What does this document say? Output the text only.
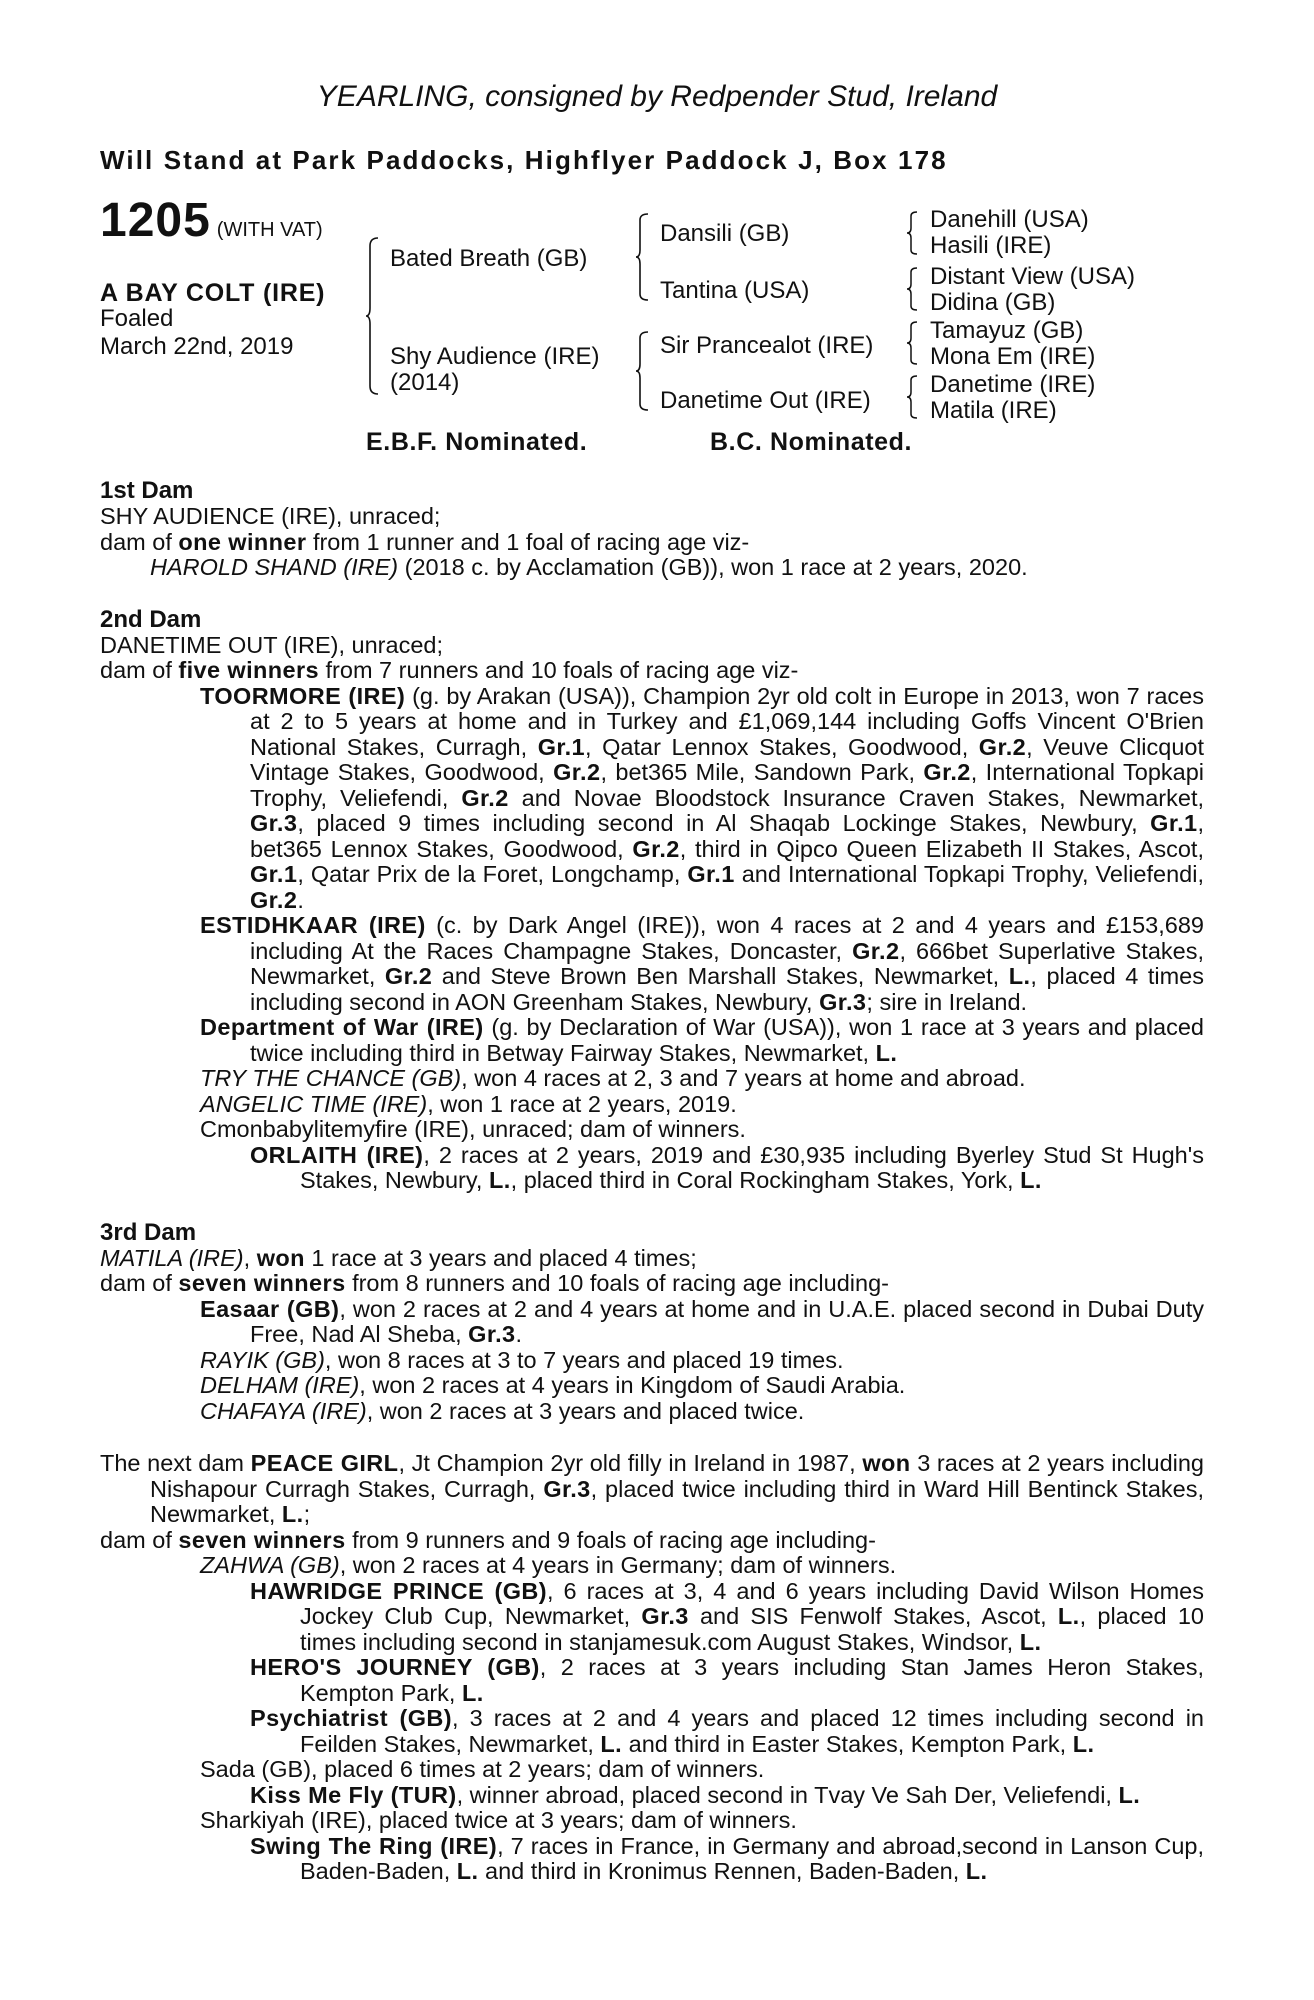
YEARLING, consigned by Redpender Stud, Ireland
Will Stand at Park Paddocks, Highflyer Paddock J, Box 178
1205 (WITH VAT)
A BAY COLT (IRE)
Foaled
March 22nd, 2019
Bated Breath (GB)
Shy Audience (IRE)
(2014)
Dansili (GB)
Tantina (USA)
Sir Prancealot (IRE)
Danetime Out (IRE)
Danehill (USA)
Hasili (IRE)
Distant View (USA)
Didina (GB)
Tamayuz (GB)
Mona Em (IRE)
Danetime (IRE)
Matila (IRE)
E.B.F. Nominated.	B.C. Nominated.
1st Dam

SHY AUDIENCE (IRE), unraced;

dam of one winner from 1 runner and 1 foal of racing age viz-

HAROLD SHAND (IRE) (2018 c. by Acclamation (GB)), won 1 race at 2 years, 2020.

2nd Dam

DANETIME OUT (IRE), unraced;

dam of five winners from 7 runners and 10 foals of racing age viz-

TOORMORE (IRE) (g. by Arakan (USA)), Champion 2yr old colt in Europe in 2013, won 7 races at 2 to 5 years at home and in Turkey and £1,069,144 including Goffs Vincent O'Brien National Stakes, Curragh, Gr.1, Qatar Lennox Stakes, Goodwood, Gr.2, Veuve Clicquot Vintage Stakes, Goodwood, Gr.2, bet365 Mile, Sandown Park, Gr.2, International Topkapi Trophy, Veliefendi, Gr.2 and Novae Bloodstock Insurance Craven Stakes, Newmarket, Gr.3, placed 9 times including second in Al Shaqab Lockinge Stakes, Newbury, Gr.1, bet365 Lennox Stakes, Goodwood, Gr.2, third in Qipco Queen Elizabeth II Stakes, Ascot, Gr.1, Qatar Prix de la Foret, Longchamp, Gr.1 and International Topkapi Trophy, Veliefendi, Gr.2.

ESTIDHKAAR (IRE) (c. by Dark Angel (IRE)), won 4 races at 2 and 4 years and £153,689 including At the Races Champagne Stakes, Doncaster, Gr.2, 666bet Superlative Stakes, Newmarket, Gr.2 and Steve Brown Ben Marshall Stakes, Newmarket, L., placed 4 times including second in AON Greenham Stakes, Newbury, Gr.3; sire in Ireland.

Department of War (IRE) (g. by Declaration of War (USA)), won 1 race at 3 years and placed twice including third in Betway Fairway Stakes, Newmarket, L.

TRY THE CHANCE (GB), won 4 races at 2, 3 and 7 years at home and abroad.

ANGELIC TIME (IRE), won 1 race at 2 years, 2019.

Cmonbabylitemyfire (IRE), unraced; dam of winners.

ORLAITH (IRE), 2 races at 2 years, 2019 and £30,935 including Byerley Stud St Hugh's Stakes, Newbury, L., placed third in Coral Rockingham Stakes, York, L.

3rd Dam

MATILA (IRE), won 1 race at 3 years and placed 4 times;

dam of seven winners from 8 runners and 10 foals of racing age including-

Easaar (GB), won 2 races at 2 and 4 years at home and in U.A.E. placed second in Dubai Duty Free, Nad Al Sheba, Gr.3.

RAYIK (GB), won 8 races at 3 to 7 years and placed 19 times.

DELHAM (IRE), won 2 races at 4 years in Kingdom of Saudi Arabia.

CHAFAYA (IRE), won 2 races at 3 years and placed twice.

The next dam PEACE GIRL, Jt Champion 2yr old filly in Ireland in 1987, won 3 races at 2 years including Nishapour Curragh Stakes, Curragh, Gr.3, placed twice including third in Ward Hill Bentinck Stakes, Newmarket, L.;

dam of seven winners from 9 runners and 9 foals of racing age including-

ZAHWA (GB), won 2 races at 4 years in Germany; dam of winners.

HAWRIDGE PRINCE (GB), 6 races at 3, 4 and 6 years including David Wilson Homes Jockey Club Cup, Newmarket, Gr.3 and SIS Fenwolf Stakes, Ascot, L., placed 10 times including second in stanjamesuk.com August Stakes, Windsor, L.

HERO'S JOURNEY (GB), 2 races at 3 years including Stan James Heron Stakes, Kempton Park, L.

Psychiatrist (GB), 3 races at 2 and 4 years and placed 12 times including second in Feilden Stakes, Newmarket, L. and third in Easter Stakes, Kempton Park, L.

Sada (GB), placed 6 times at 2 years; dam of winners.

Kiss Me Fly (TUR), winner abroad, placed second in Tvay Ve Sah Der, Veliefendi, L.

Sharkiyah (IRE), placed twice at 3 years; dam of winners.

Swing The Ring (IRE), 7 races in France, in Germany and abroad,second in Lanson Cup, Baden-Baden, L. and third in Kronimus Rennen, Baden-Baden, L.
